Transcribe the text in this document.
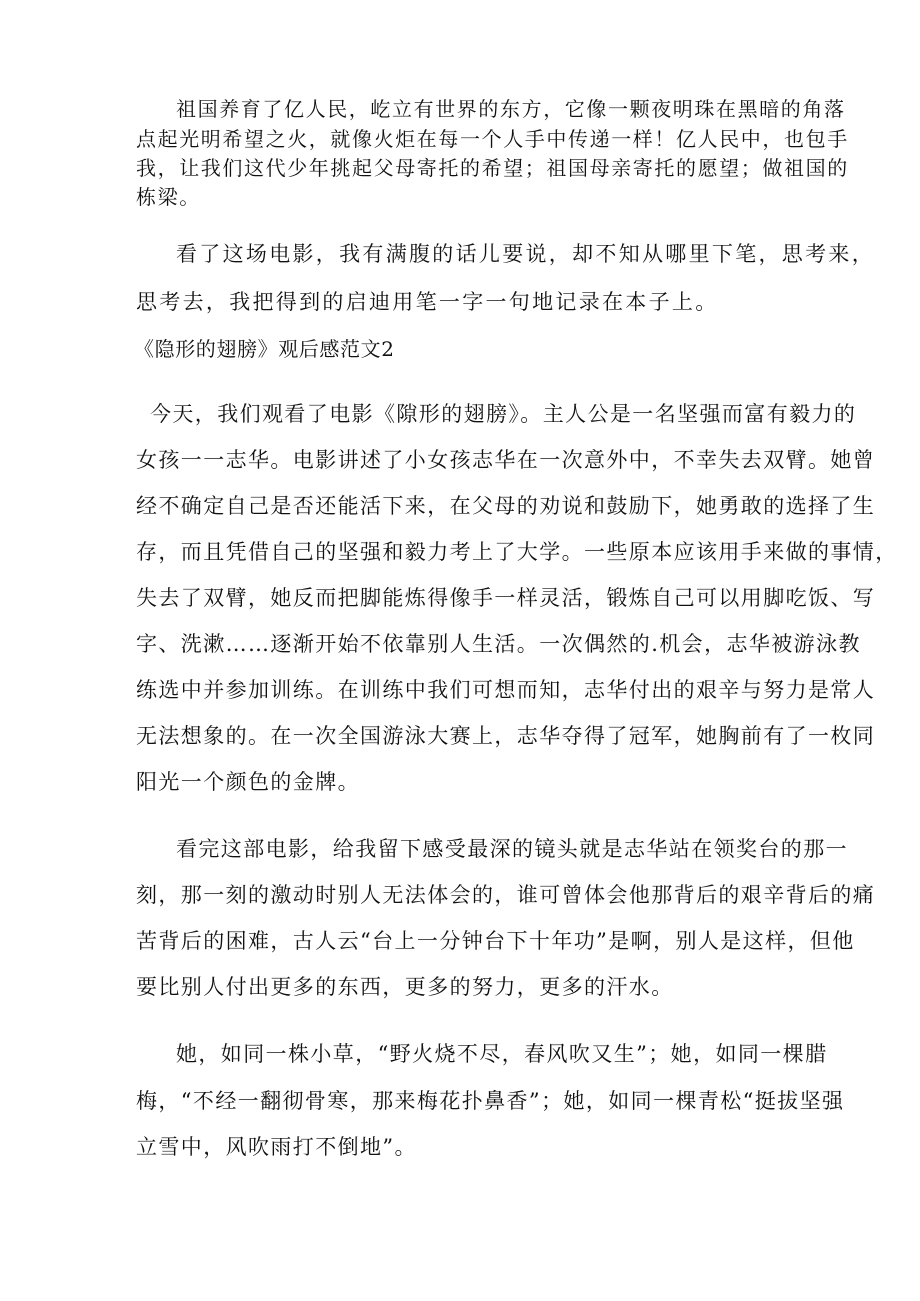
祖国养育了亿人民，屹立有世界的东方，它像一颗夜明珠在黑暗的角落
点起光明希望之火，就像火炬在每一个人手中传递一样！亿人民中，也包手
我，让我们这代少年挑起父母寄托的希望；祖国母亲寄托的愿望；做祖国的
栋梁。
看了这场电影，我有满腹的话儿要说，却不知从哪里下笔，思考来，
思考去，我把得到的启迪用笔一字一句地记录在本子上。
《隐形的翅膀》观后感范文2
今天，我们观看了电影《隙形的翅膀》。主人公是一名坚强而富有毅力的
女孩一一志华。电影讲述了小女孩志华在一次意外中，不幸失去双臂。她曾
经不确定自己是否还能活下来，在父母的劝说和鼓励下，她勇敢的选择了生
存，而且凭借自己的坚强和毅力考上了大学。一些原本应该用手来做的事情，
失去了双臂，她反而把脚能炼得像手一样灵活，锻炼自己可以用脚吃饭、写
字、洗漱……逐渐开始不依靠别人生活。一次偶然的.机会，志华被游泳教
练选中并参加训练。在训练中我们可想而知，志华付出的艰辛与努力是常人
无法想象的。在一次全国游泳大赛上，志华夺得了冠军，她胸前有了一枚同
阳光一个颜色的金牌。
看完这部电影，给我留下感受最深的镜头就是志华站在领奖台的那一
刻，那一刻的激动时别人无法体会的，谁可曾体会他那背后的艰辛背后的痛
苦背后的困难，古人云“台上一分钟台下十年功”是啊，别人是这样，但他
要比别人付出更多的东西，更多的努力，更多的汗水。
她，如同一株小草，“野火烧不尽，春风吹又生”；她，如同一棵腊
梅，“不经一翻彻骨寒，那来梅花扑鼻香”；她，如同一棵青松“挺拔坚强
立雪中，风吹雨打不倒地”。
